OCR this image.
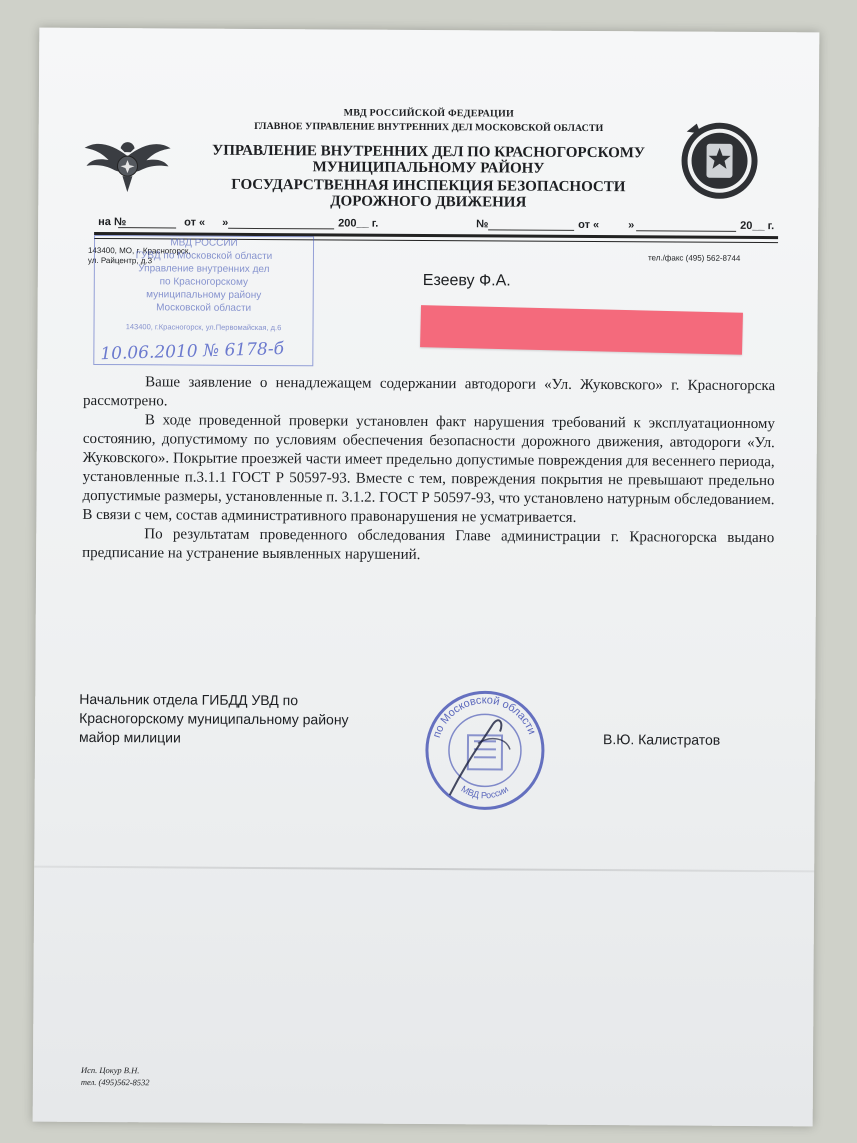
МВД РОССИЙСКОЙ ФЕДЕРАЦИИ
ГЛАВНОЕ УПРАВЛЕНИЕ ВНУТРЕННИХ ДЕЛ МОСКОВСКОЙ ОБЛАСТИ
УПРАВЛЕНИЕ ВНУТРЕННИХ ДЕЛ ПО КРАСНОГОРСКОМУ
МУНИЦИПАЛЬНОМУ РАЙОНУ
ГОСУДАРСТВЕННАЯ ИНСПЕКЦИЯ БЕЗОПАСНОСТИ
ДОРОЖНОГО ДВИЖЕНИЯ
на №	от « »	200__ г.	№	от «	»	20__ г.
143400, МО, г. Красногорск,
ул. Райцентр, д.3	тел./факс (495) 562-8744
МВД РОССИИ
ГУВД по Московской области
Управление внутренних дел
по Красногорскому
муниципальному району
Московской области
143400, г.Красногорск, ул.Первомайская, д.6
10.06.2010 № 6178-б
Езееву Ф.А.

Ваше заявление о ненадлежащем содержании автодороги «Ул. Жуковского» г. Красногорска рассмотрено.

В ходе проведенной проверки установлен факт нарушения требований к эксплуатационному состоянию, допустимому по условиям обеспечения безопасности дорожного движения, автодороги «Ул. Жуковского». Покрытие проезжей части имеет предельно допустимые повреждения для весеннего периода, установленные п.3.1.1 ГОСТ Р 50597-93. Вместе с тем, повреждения покрытия не превышают предельно допустимые размеры, установленные п. 3.1.2. ГОСТ Р 50597-93, что установлено натурным обследованием. В связи с чем, состав административного правонарушения не усматривается.

По результатам проведенного обследования Главе администрации г. Красногорска выдано предписание на устранение выявленных нарушений.

Начальник отдела ГИБДД УВД по
Красногорскому муниципальному району
майор милиции	по Московской области
МВД России
В.Ю. Калистратов
Исп. Цокур В.Н.
тел. (495)562-8532
